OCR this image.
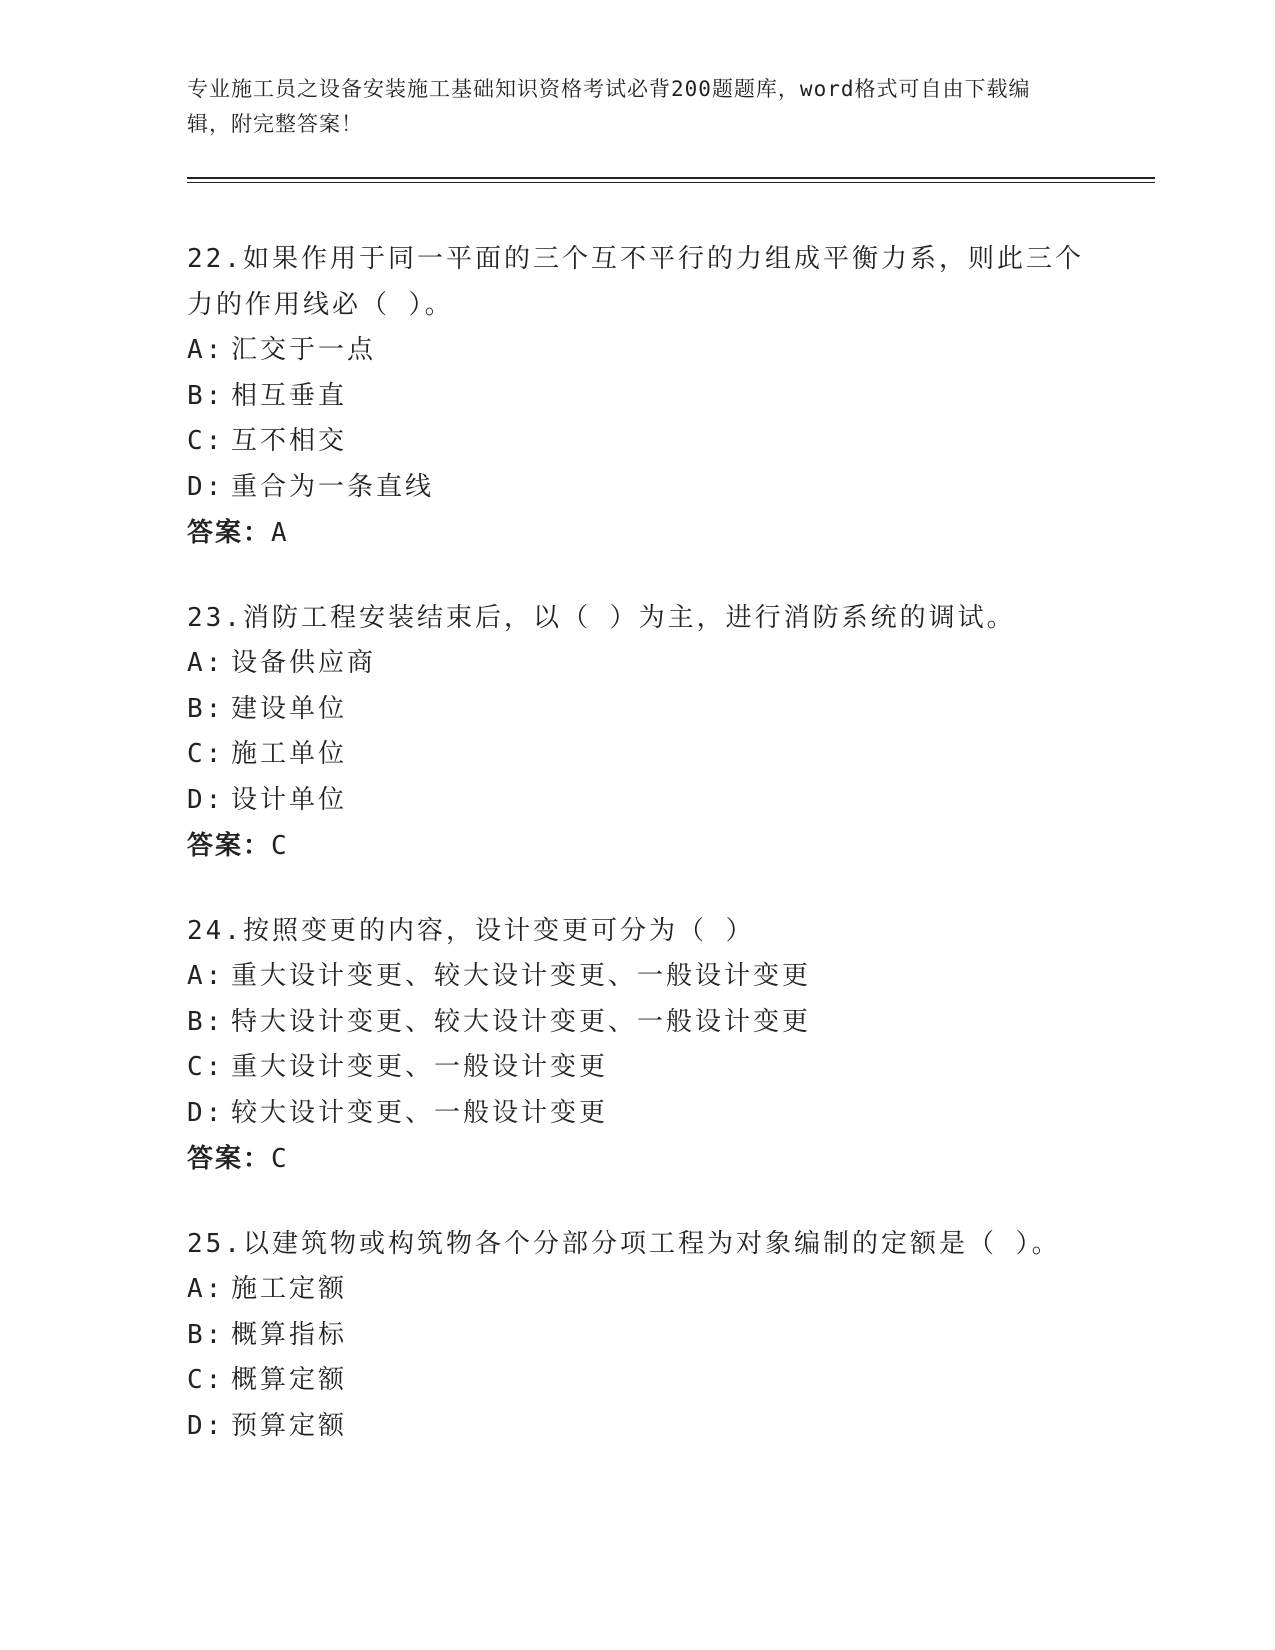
专业施工员之设备安装施工基础知识资格考试必背200题题库，word格式可自由下载编辑，附完整答案！
22.如果作用于同一平面的三个互不平行的力组成平衡力系，则此三个力的作用线必（ ）。
A: 汇交于一点
B: 相互垂直
C: 互不相交
D: 重合为一条直线
答案：A
23.消防工程安装结束后，以（ ）为主，进行消防系统的调试。
A: 设备供应商
B: 建设单位
C: 施工单位
D: 设计单位
答案：C
24.按照变更的内容，设计变更可分为（ ）
A: 重大设计变更、较大设计变更、一般设计变更
B: 特大设计变更、较大设计变更、一般设计变更
C: 重大设计变更、一般设计变更
D: 较大设计变更、一般设计变更
答案：C
25.以建筑物或构筑物各个分部分项工程为对象编制的定额是（ ）。
A: 施工定额
B: 概算指标
C: 概算定额
D: 预算定额
